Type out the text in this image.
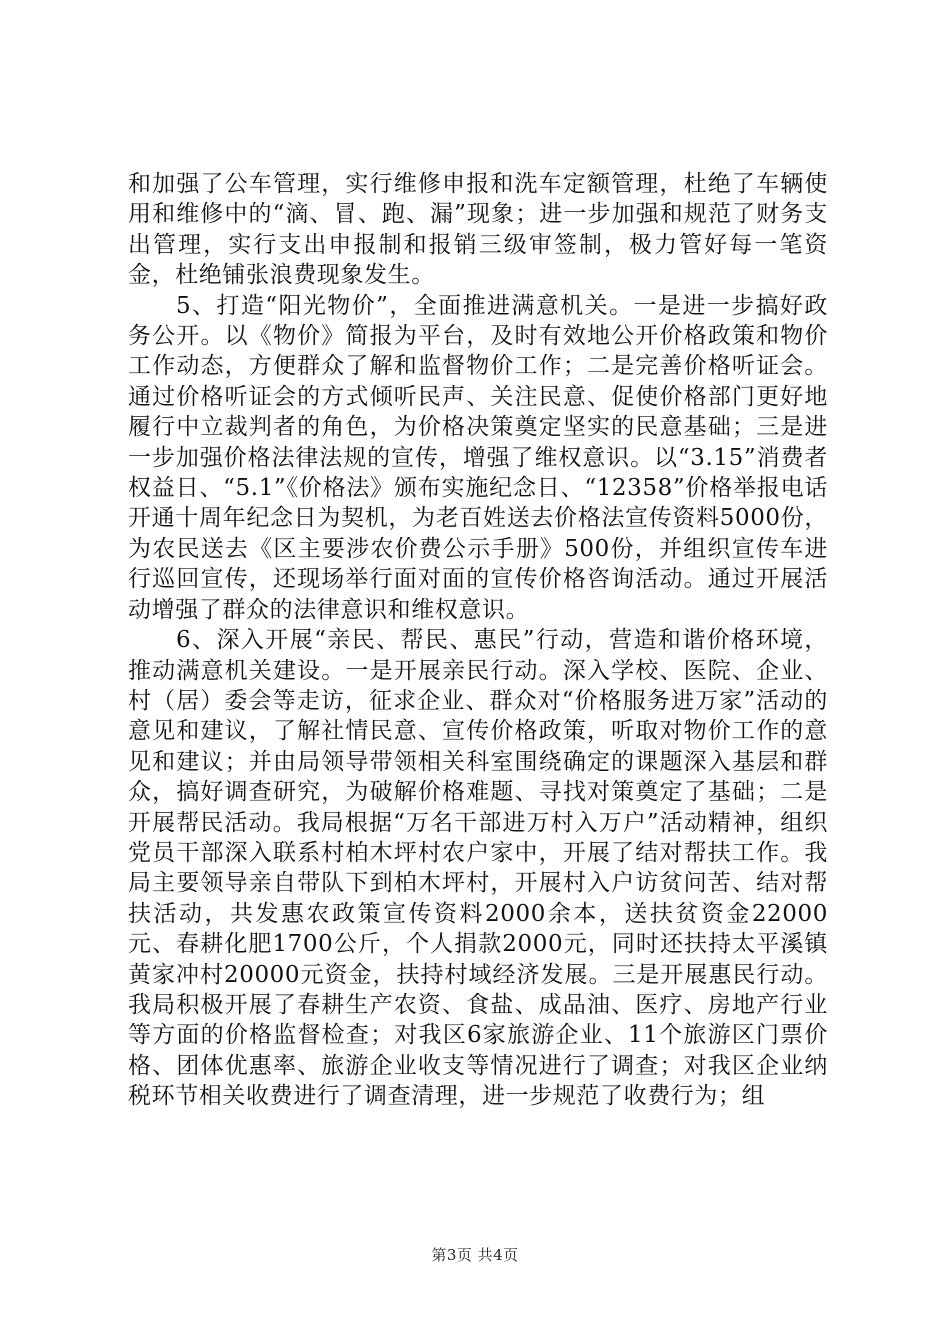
和加强了公车管理，实行维修申报和洗车定额管理，杜绝了车辆使用和维修中的“滴、冒、跑、漏”现象；进一步加强和规范了财务支出管理，实行支出申报制和报销三级审签制，极力管好每一笔资金，杜绝铺张浪费现象发生。

5、打造“阳光物价”，全面推进满意机关。一是进一步搞好政务公开。以《物价》简报为平台，及时有效地公开价格政策和物价工作动态，方便群众了解和监督物价工作；二是完善价格听证会。通过价格听证会的方式倾听民声、关注民意、促使价格部门更好地履行中立裁判者的角色，为价格决策奠定坚实的民意基础；三是进一步加强价格法律法规的宣传，增强了维权意识。以“3.15”消费者权益日、“5.1”《价格法》颁布实施纪念日、“12358”价格举报电话开通十周年纪念日为契机，为老百姓送去价格法宣传资料5000份，为农民送去《区主要涉农价费公示手册》500份，并组织宣传车进行巡回宣传，还现场举行面对面的宣传价格咨询活动。通过开展活动增强了群众的法律意识和维权意识。

6、深入开展“亲民、帮民、惠民”行动，营造和谐价格环境，推动满意机关建设。一是开展亲民行动。深入学校、医院、企业、村（居）委会等走访，征求企业、群众对“价格服务进万家”活动的意见和建议，了解社情民意、宣传价格政策，听取对物价工作的意见和建议；并由局领导带领相关科室围绕确定的课题深入基层和群众，搞好调查研究，为破解价格难题、寻找对策奠定了基础；二是开展帮民活动。我局根据“万名干部进万村入万户”活动精神，组织党员干部深入联系村柏木坪村农户家中，开展了结对帮扶工作。我局主要领导亲自带队下到柏木坪村，开展村入户访贫问苦、结对帮扶活动，共发惠农政策宣传资料2000余本，送扶贫资金22000元、春耕化肥1700公斤，个人捐款2000元，同时还扶持太平溪镇黄家冲村20000元资金，扶持村域经济发展。三是开展惠民行动。我局积极开展了春耕生产农资、食盐、成品油、医疗、房地产行业等方面的价格监督检查；对我区6家旅游企业、11个旅游区门票价格、团体优惠率、旅游企业收支等情况进行了调查；对我区企业纳税环节相关收费进行了调查清理，进一步规范了收费行为；组

第3页 共4页
